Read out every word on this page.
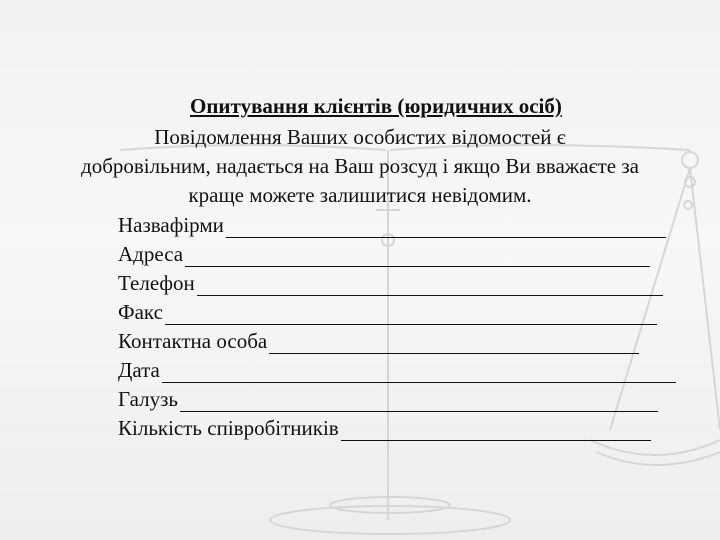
Опитування клієнтів (юридичних осіб)
Повідомлення Ваших особистих відомостей є
добровільним, надається на Ваш розсуд і якщо Ви вважаєте за
краще можете залишитися невідомим.
Назвафірми
Адреса
Телефон
Факс
Контактна особа
Дата
Галузь
Кількість співробітників
